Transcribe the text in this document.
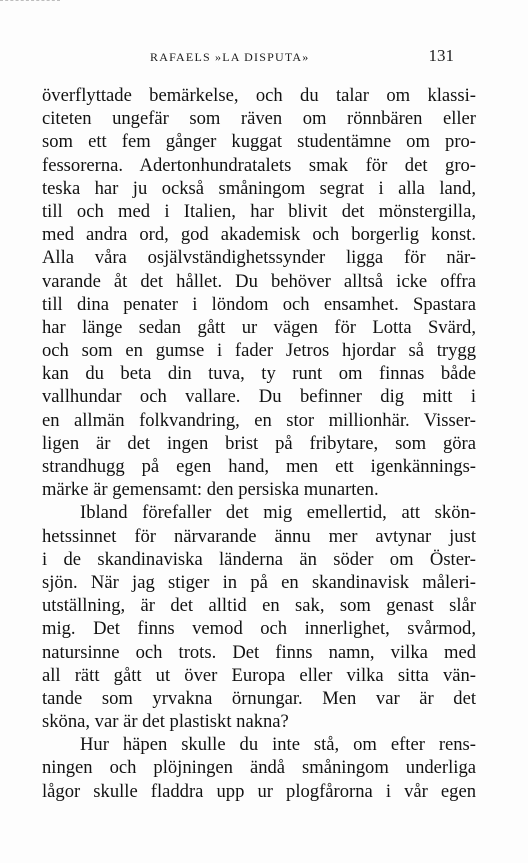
RAFAELS »LA DISPUTA»	131
överflyttade bemärkelse, och du talar om klassi-
citeten ungefär som räven om rönnbären eller
som ett fem gånger kuggat studentämne om pro-
fessorerna. Adertonhundratalets smak för det gro-
teska har ju också småningom segrat i alla land,
till och med i Italien, har blivit det mönstergilla,
med andra ord, god akademisk och borgerlig konst.
Alla våra osjälvständighetssynder ligga för när-
varande åt det hållet. Du behöver alltså icke offra
till dina penater i löndom och ensamhet. Spastara
har länge sedan gått ur vägen för Lotta Svärd,
och som en gumse i fader Jetros hjordar så trygg
kan du beta din tuva, ty runt om finnas både
vallhundar och vallare. Du befinner dig mitt i
en allmän folkvandring, en stor millionhär. Visser-
ligen är det ingen brist på fribytare, som göra
strandhugg på egen hand, men ett igenkännings-
märke är gemensamt: den persiska munarten.
Ibland förefaller det mig emellertid, att skön-
hetssinnet för närvarande ännu mer avtynar just
i de skandinaviska länderna än söder om Öster-
sjön. När jag stiger in på en skandinavisk måleri-
utställning, är det alltid en sak, som genast slår
mig. Det finns vemod och innerlighet, svårmod,
natursinne och trots. Det finns namn, vilka med
all rätt gått ut över Europa eller vilka sitta vän-
tande som yrvakna örnungar. Men var är det
sköna, var är det plastiskt nakna?
Hur häpen skulle du inte stå, om efter rens-
ningen och plöjningen ändå småningom underliga
lågor skulle fladdra upp ur plogfårorna i vår egen
